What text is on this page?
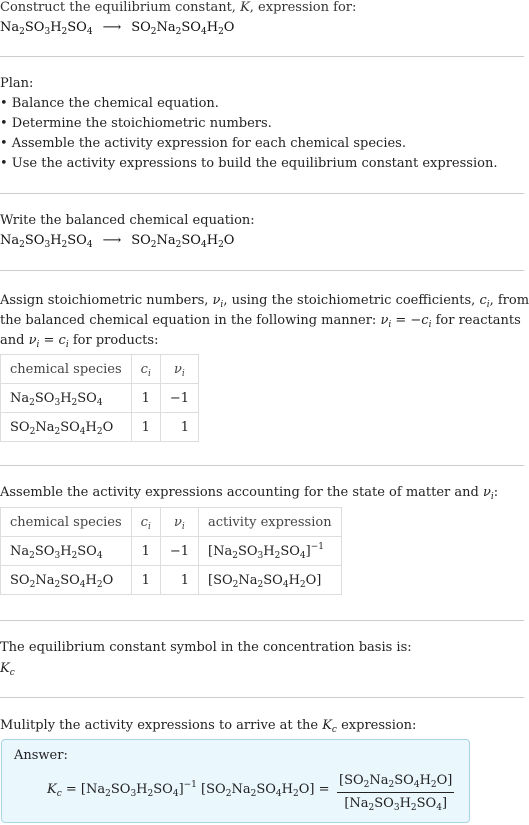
Construct the equilibrium constant, K, expression for:
$Na_2SO_3H_2SO_4$ ⟶ $SO_2Na_2SO_4H_2O$
Plan:
• Balance the chemical equation.
• Determine the stoichiometric numbers.
• Assemble the activity expression for each chemical species.
• Use the activity expressions to build the equilibrium constant expression.
Write the balanced chemical equation:
$Na_2SO_3H_2SO_4$ ⟶ $SO_2Na_2SO_4H_2O$
Assign stoichiometric numbers, $\nu_i$, using the stoichiometric coefficients, $c_i$, from
the balanced chemical equation in the following manner: $\nu_i = -c_i$ for reactants
and $\nu_i = c_i$ for products:
chemical species	$c_i$	$\nu_i$
$Na_2SO_3H_2SO_4$	1	−1
$SO_2Na_2SO_4H_2O$	1	1
Assemble the activity expressions accounting for the state of matter and $\nu_i$:
chemical species	$c_i$	$\nu_i$	activity expression
$Na_2SO_3H_2SO_4$	1	−1	$[Na_2SO_3H_2SO_4]^{-1}$
$SO_2Na_2SO_4H_2O$	1	1	$[SO_2Na_2SO_4H_2O]$
The equilibrium constant symbol in the concentration basis is:
$K_c$
Mulitply the activity expressions to arrive at the $K_c$ expression:
Answer:
$K_c = [Na_2SO_3H_2SO_4]^{-1}$ $[SO_2Na_2SO_4H_2O] = \frac{[SO_2Na_2SO_4H_2O]}{[Na_2SO_3H_2SO_4]}$
